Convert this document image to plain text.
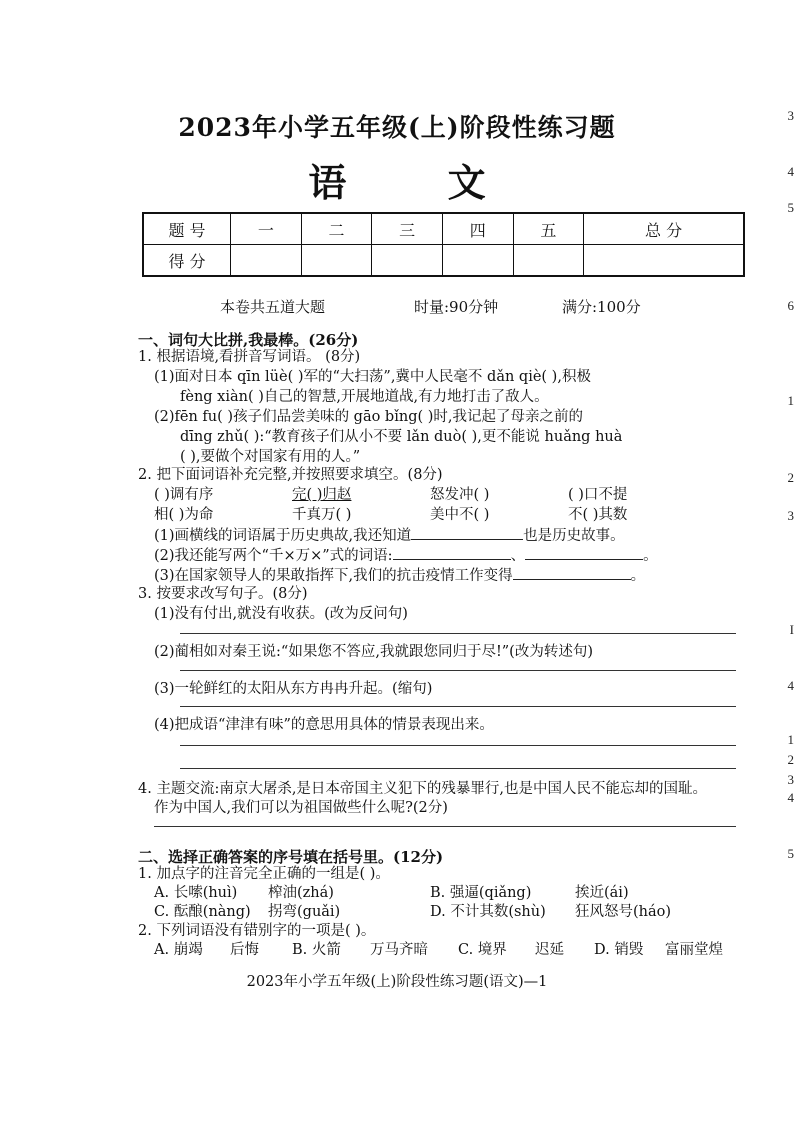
2023年小学五年级(上)阶段性练习题
语 文
题 号	一	二	三	四	五	总 分
得 分						
本卷共五道大题	时量:90分钟	满分:100分
一、词句大比拼,我最棒。(26分)
1. 根据语境,看拼音写词语。 (8分)
(1)面对日本 qīn lüè( )军的“大扫荡”,冀中人民毫不 dǎn qiè( ),积极
fèng xiàn( )自己的智慧,开展地道战,有力地打击了敌人。
(2)fēn fu( )孩子们品尝美味的 gāo bǐng( )时,我记起了母亲之前的
dīng zhǔ( ):“教育孩子们从小不要 lǎn duò( ),更不能说 huǎng huà
( ),要做个对国家有用的人。”
2. 把下面词语补充完整,并按照要求填空。(8分)
( )调有序	完( )归赵	怒发冲( )	( )口不提
相( )为命	千真万( )	美中不( )	不( )其数
(1)画横线的词语属于历史典故,我还知道	也是历史故事。
(2)我还能写两个“千×万×”式的词语:	、	。
(3)在国家领导人的果敢指挥下,我们的抗击疫情工作变得	。
3. 按要求改写句子。(8分)
(1)没有付出,就没有收获。(改为反问句)
(2)蔺相如对秦王说:“如果您不答应,我就跟您同归于尽!”(改为转述句)
(3)一轮鲜红的太阳从东方冉冉升起。(缩句)
(4)把成语“津津有味”的意思用具体的情景表现出来。
4. 主题交流:南京大屠杀,是日本帝国主义犯下的残暴罪行,也是中国人民不能忘却的国耻。
作为中国人,我们可以为祖国做些什么呢?(2分)
二、选择正确答案的序号填在括号里。(12分)
1. 加点字的注音完全正确的一组是( )。
A. 长嗦(huì) 榨油(zhá)	B. 强逼(qiǎng)	挨近(ái)
C. 酝酿(nàng) 拐弯(guǎi)	D. 不计其数(shù) 狂风怒号(háo)
2. 下列词语没有错别字的一项是( )。
A. 崩竭 后悔 B. 火箭 万马齐暗 C. 境界 迟延 D. 销毁 富丽堂煌
2023年小学五年级(上)阶段性练习题(语文)—1
3
4
5
6
1
2
3
I
4
1
2
3
4
5
